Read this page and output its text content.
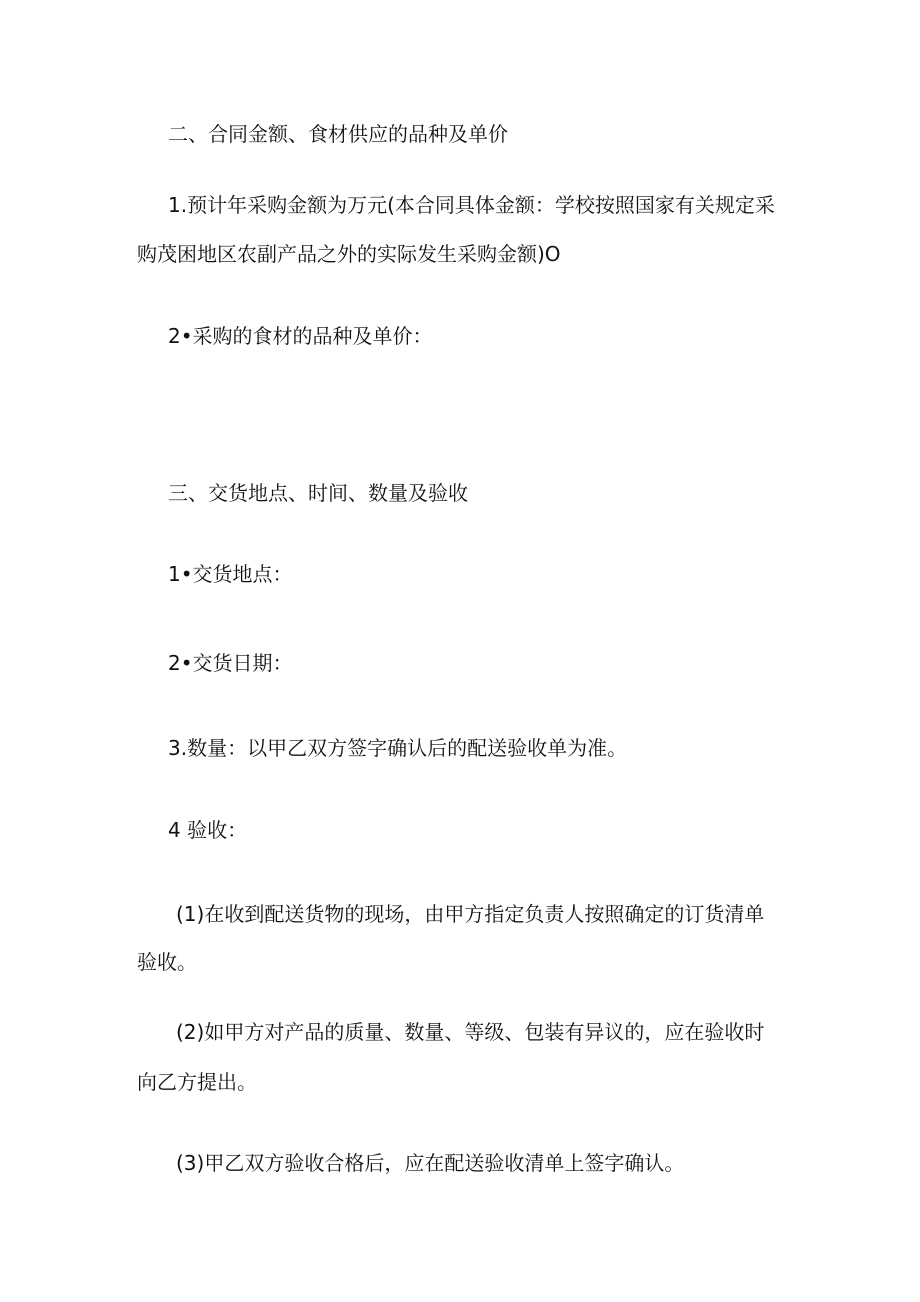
二、合同金额、食材供应的品种及单价
1.预计年采购金额为万元(本合同具体金额：学校按照国家有关规定采
购茂困地区农副产品之外的实际发生采购金额)O
2•采购的食材的品种及单价：
三、交货地点、时间、数量及验收
1•交货地点：
2•交货日期：
3.数量：以甲乙双方签字确认后的配送验收单为准。
4 验收：
(1)在收到配送货物的现场，由甲方指定负责人按照确定的订货清单
验收。
(2)如甲方对产品的质量、数量、等级、包装有异议的，应在验收时
向乙方提出。
(3)甲乙双方验收合格后，应在配送验收清单上签字确认。
